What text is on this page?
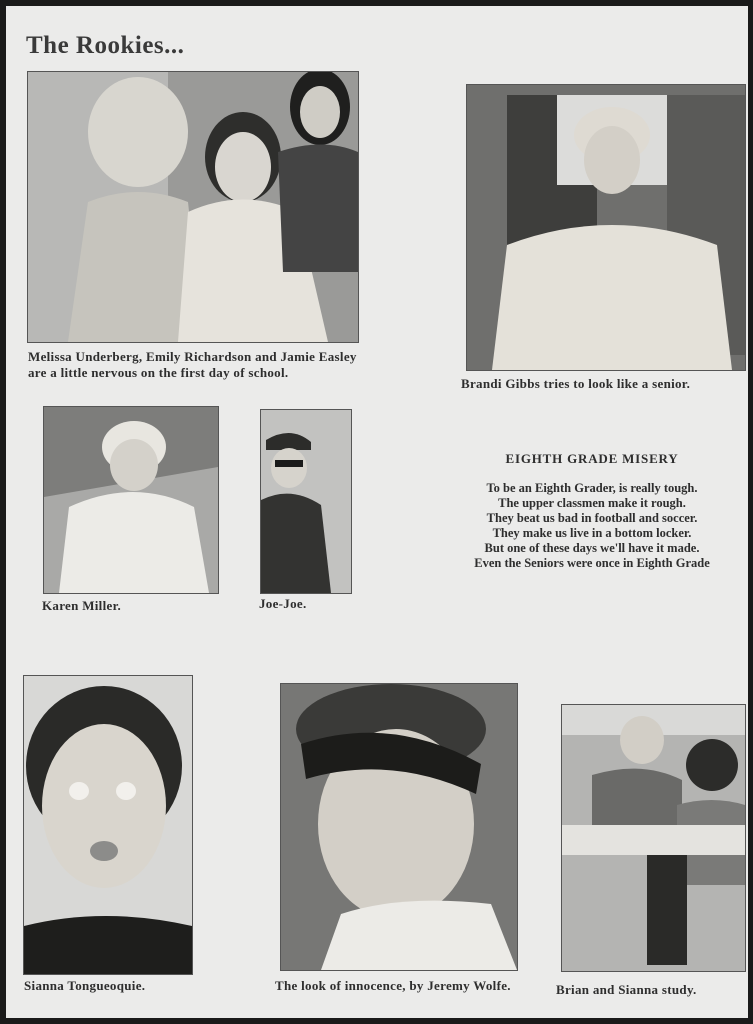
The Rookies...
Melissa Underberg, Emily Richardson and Jamie Easley are a little nervous on the first day of school.
Brandi Gibbs tries to look like a senior.
Karen Miller.	Joe-Joe.
EIGHTH GRADE MISERY
To be an Eighth Grader, is really tough.
The upper classmen make it rough.
They beat us bad in football and soccer.
They make us live in a bottom locker.
But one of these days we'll have it made.
Even the Seniors were once in Eighth Grade
Sianna Tongueoquie.	The look of innocence, by Jeremy Wolfe.	Brian and Sianna study.
